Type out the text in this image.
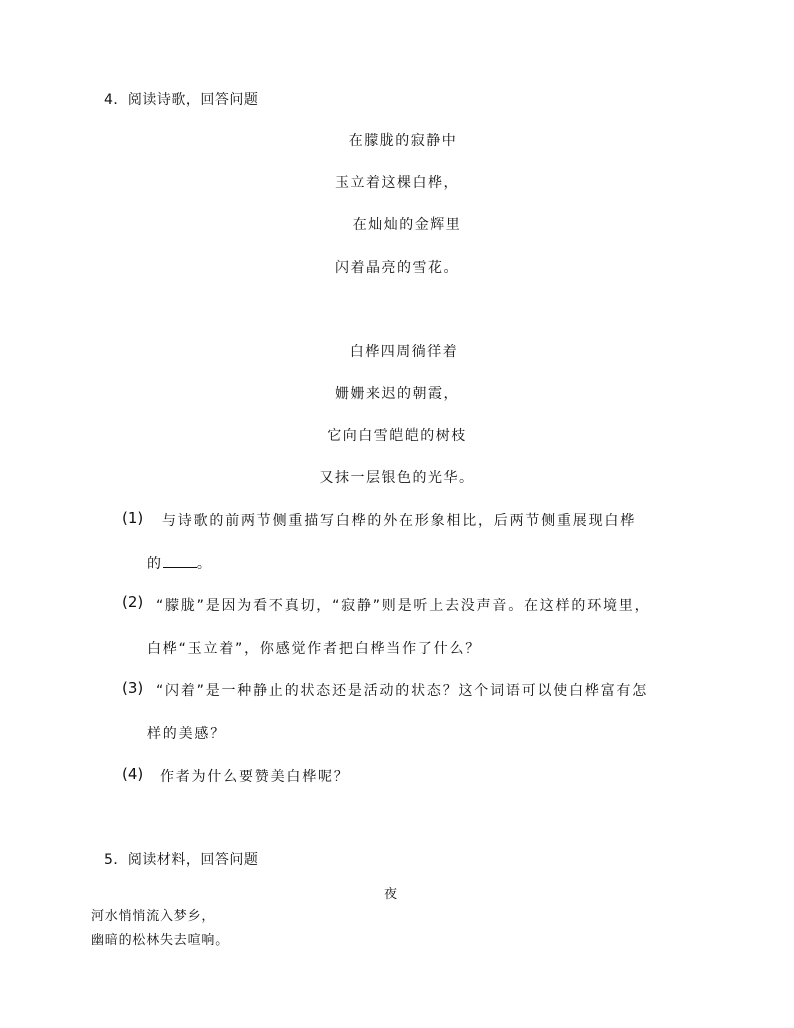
4．阅读诗歌，回答问题
在朦胧的寂静中
玉立着这棵白桦，
在灿灿的金辉里
闪着晶亮的雪花。
白桦四周徜徉着
姗姗来迟的朝霞，
它向白雪皑皑的树枝
又抹一层银色的光华。
(1) 与诗歌的前两节侧重描写白桦的外在形象相比，后两节侧重展现白桦
的 。
(2) “朦胧”是因为看不真切，“寂静”则是听上去没声音。在这样的环境里，
白桦“玉立着”，你感觉作者把白桦当作了什么？
(3) “闪着”是一种静止的状态还是活动的状态？这个词语可以使白桦富有怎
样的美感？
(4) 作者为什么要赞美白桦呢？
5．阅读材料，回答问题
夜
河水悄悄流入梦乡，
幽暗的松林失去喧响。
